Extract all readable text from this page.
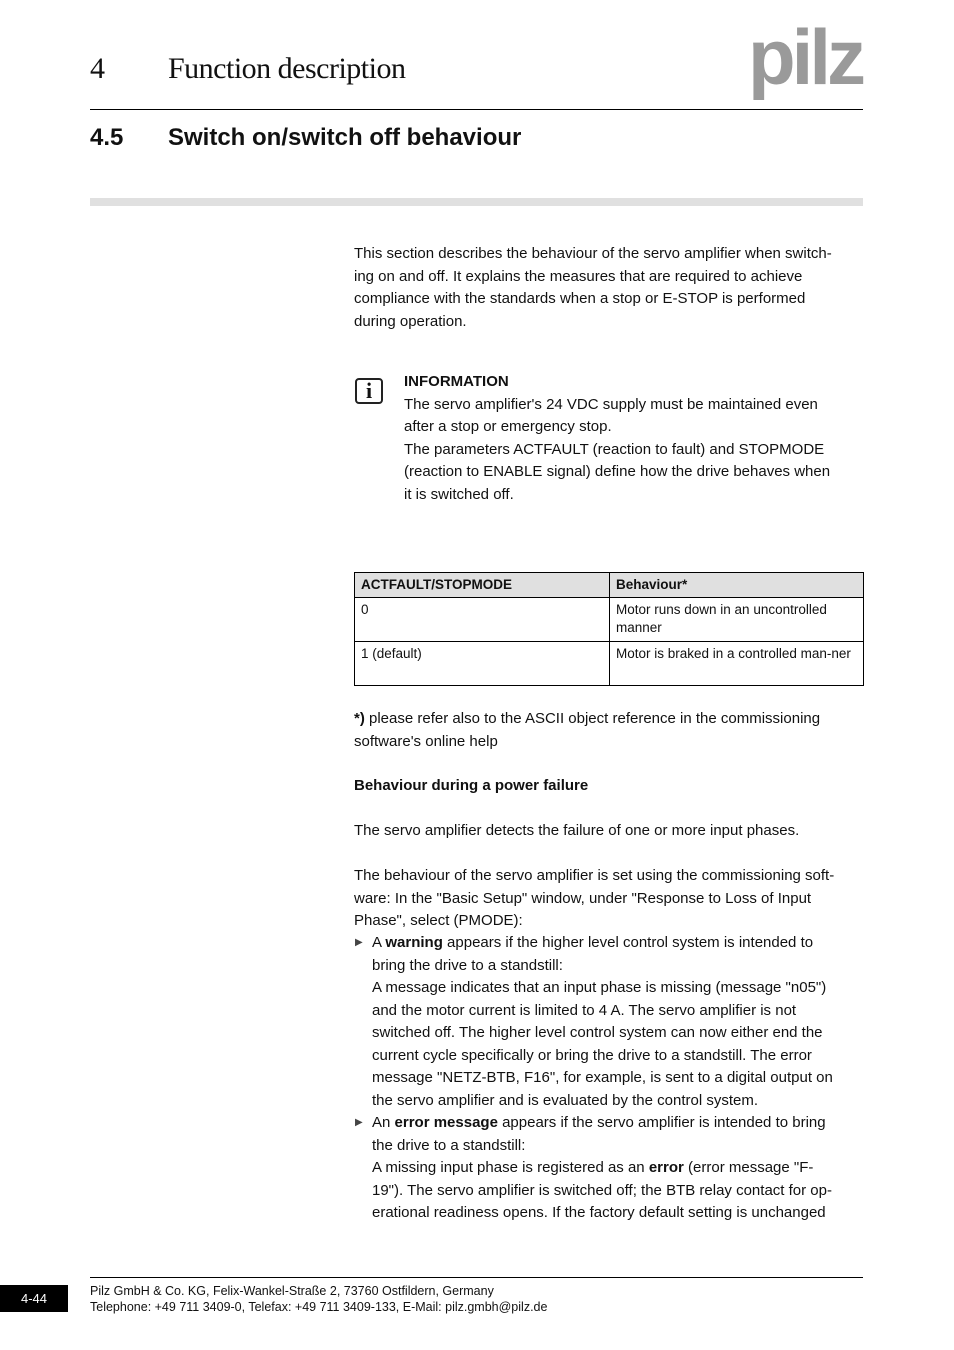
4 Function description	pilz
4.5 Switch on/switch off behaviour
This section describes the behaviour of the servo amplifier when switch-
ing on and off. It explains the measures that are required to achieve
compliance with the standards when a stop or E-STOP is performed
during operation.
i	INFORMATION
The servo amplifier's 24 VDC supply must be maintained even
after a stop or emergency stop.
The parameters ACTFAULT (reaction to fault) and STOPMODE
(reaction to ENABLE signal) define how the drive behaves when
it is switched off.
ACTFAULT/STOPMODE	Behaviour*
0	Motor runs down in an uncontrolled manner
1 (default)	Motor is braked in a controlled man-ner
*) please refer also to the ASCII object reference in the commissioning
software's online help
Behaviour during a power failure
The servo amplifier detects the failure of one or more input phases.
The behaviour of the servo amplifier is set using the commissioning soft-
ware: In the "Basic Setup" window, under "Response to Loss of Input
Phase", select (PMODE):
▶ A warning appears if the higher level control system is intended to
bring the drive to a standstill:
A message indicates that an input phase is missing (message "n05")
and the motor current is limited to 4 A. The servo amplifier is not
switched off. The higher level control system can now either end the
current cycle specifically or bring the drive to a standstill. The error
message "NETZ-BTB, F16", for example, is sent to a digital output on
the servo amplifier and is evaluated by the control system.
▶ An error message appears if the servo amplifier is intended to bring
the drive to a standstill:
A missing input phase is registered as an error (error message "F-
19"). The servo amplifier is switched off; the BTB relay contact for op-
erational readiness opens. If the factory default setting is unchanged
4-44	Pilz GmbH & Co. KG, Felix-Wankel-Straße 2, 73760 Ostfildern, Germany
Telephone: +49 711 3409-0, Telefax: +49 711 3409-133, E-Mail: pilz.gmbh@pilz.de
